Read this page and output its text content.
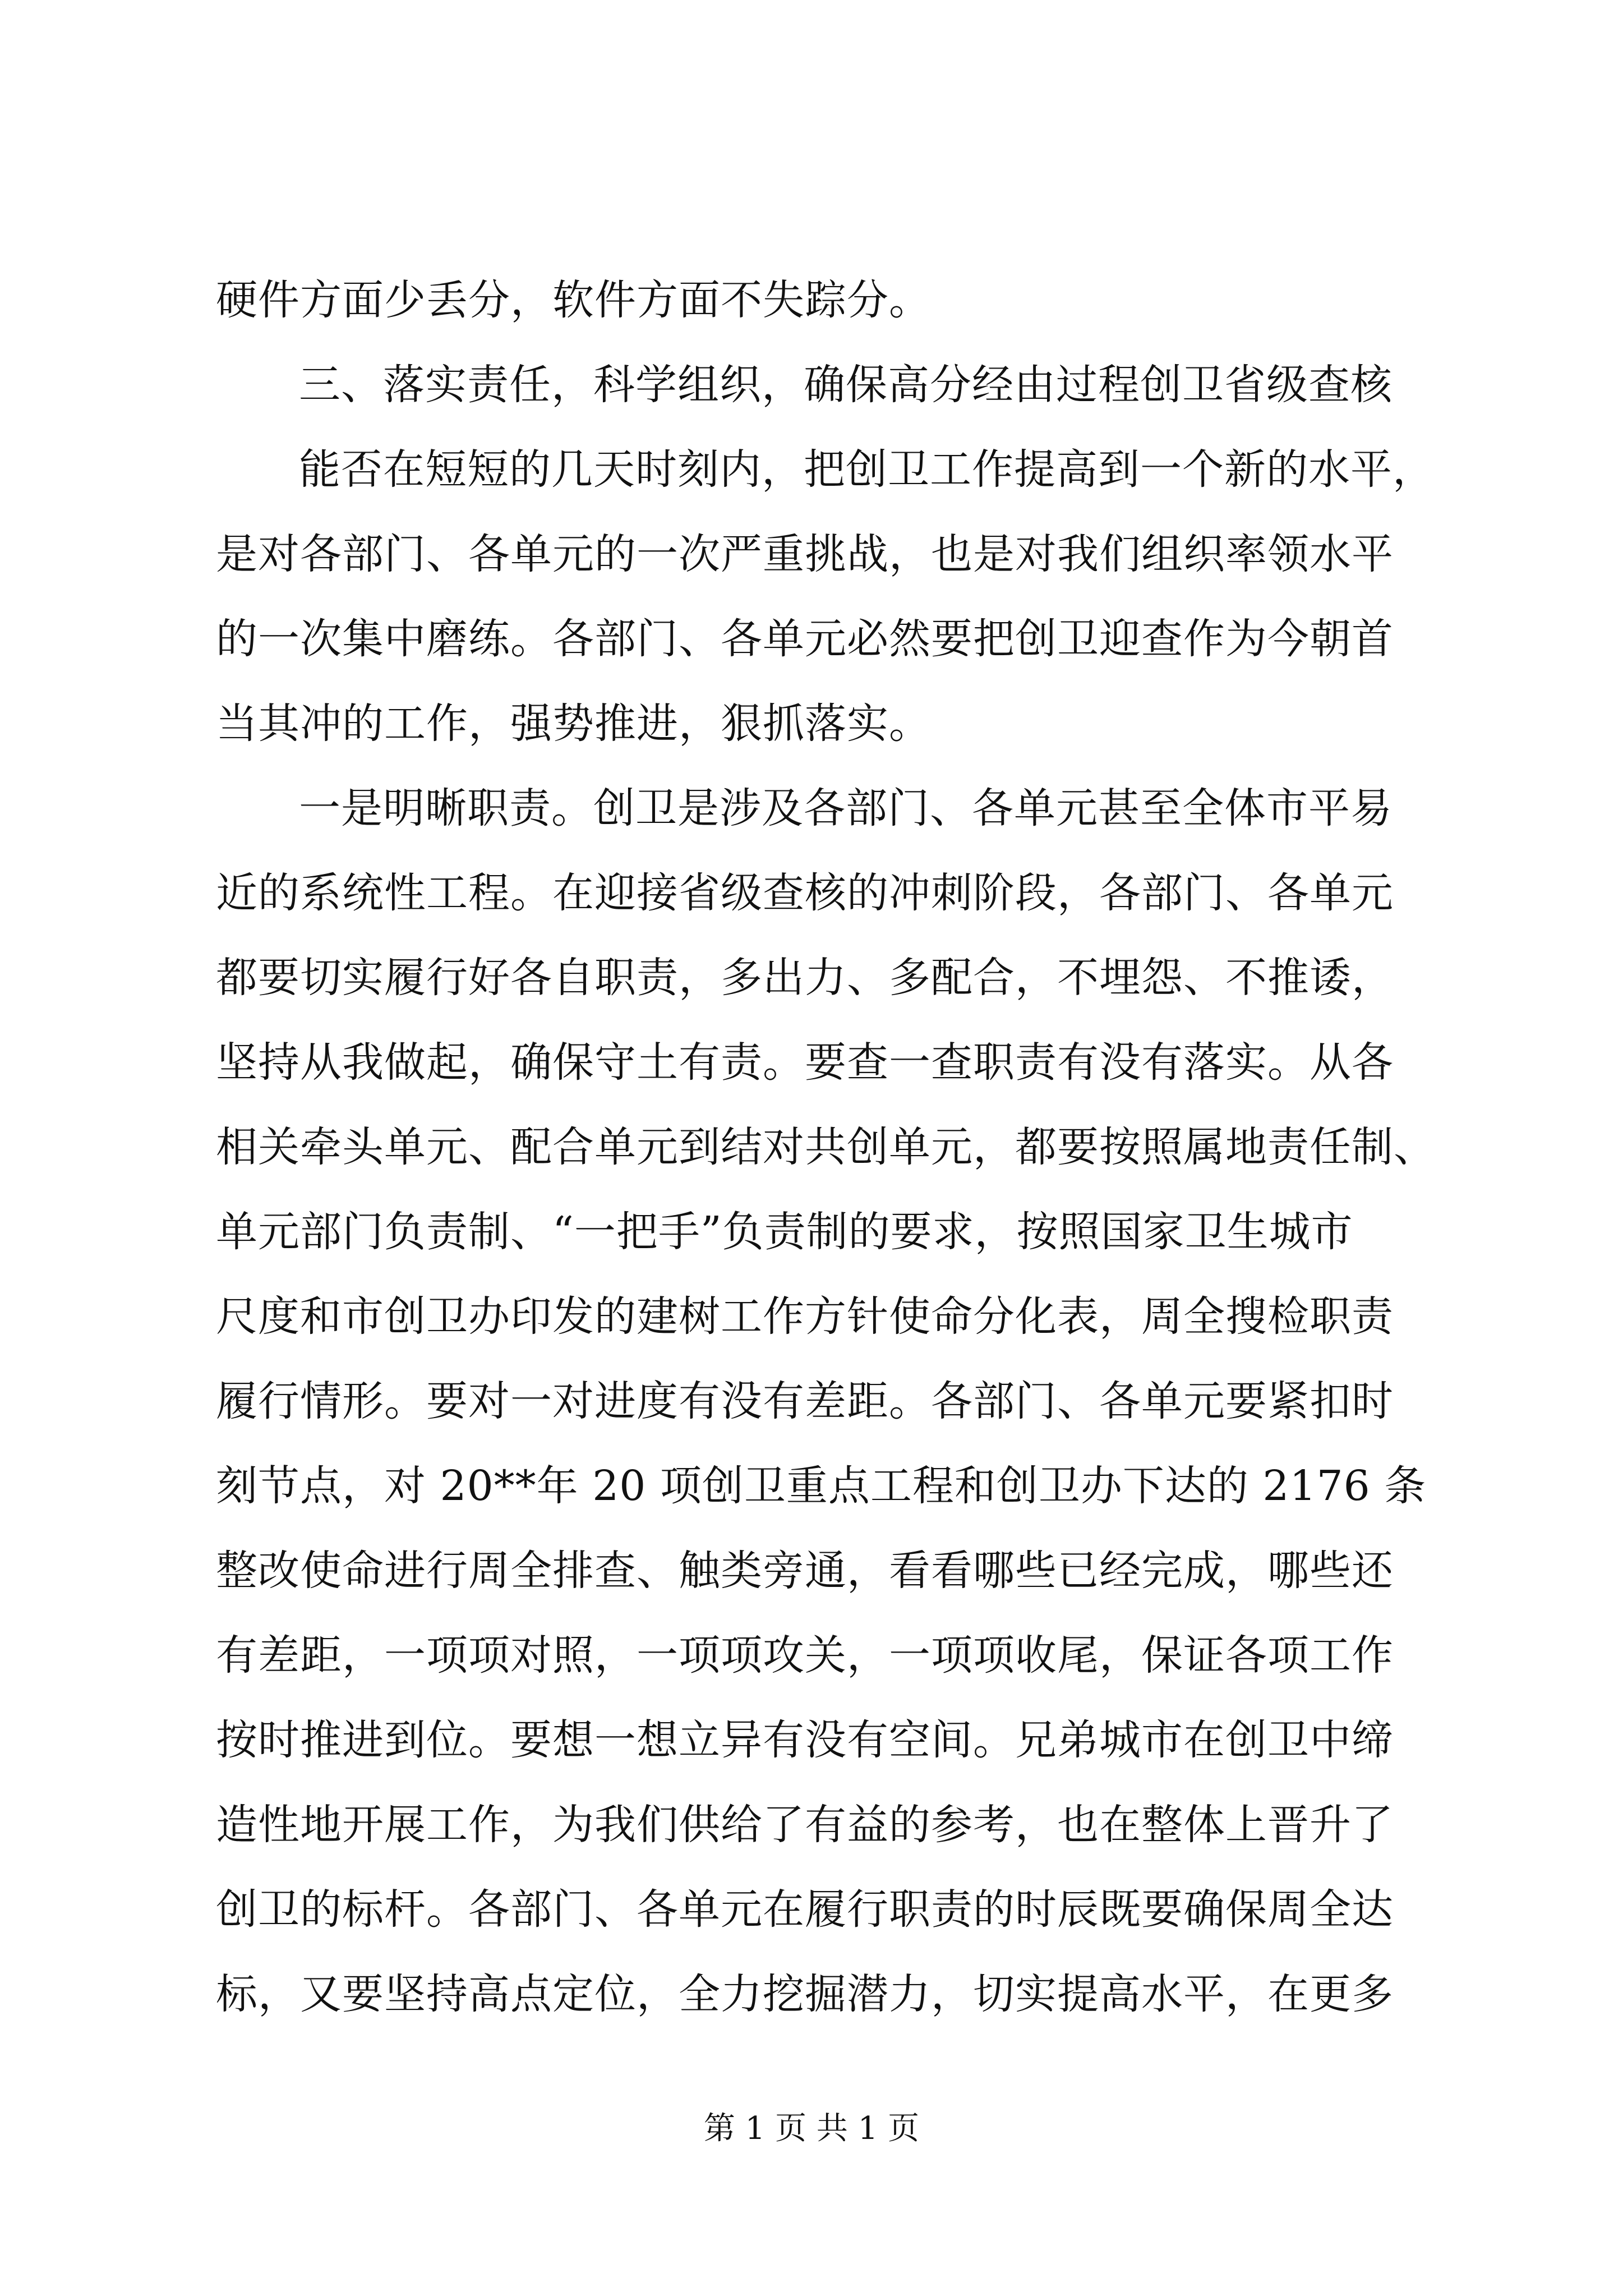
硬件方面少丢分，软件方面不失踪分。
三、落实责任，科学组织，确保高分经由过程创卫省级查核
能否在短短的几天时刻内，把创卫工作提高到一个新的水平，
是对各部门、各单元的一次严重挑战，也是对我们组织率领水平
的一次集中磨练。各部门、各单元必然要把创卫迎查作为今朝首
当其冲的工作，强势推进，狠抓落实。
一是明晰职责。创卫是涉及各部门、各单元甚至全体市平易
近的系统性工程。在迎接省级查核的冲刺阶段，各部门、各单元
都要切实履行好各自职责，多出力、多配合，不埋怨、不推诿，
坚持从我做起，确保守土有责。要查一查职责有没有落实。从各
相关牵头单元、配合单元到结对共创单元，都要按照属地责任制、
单元部门负责制、“一把手”负责制的要求，按照国家卫生城市
尺度和市创卫办印发的建树工作方针使命分化表，周全搜检职责
履行情形。要对一对进度有没有差距。各部门、各单元要紧扣时
刻节点，对 20**年 20 项创卫重点工程和创卫办下达的 2176 条
整改使命进行周全排查、触类旁通，看看哪些已经完成，哪些还
有差距，一项项对照，一项项攻关，一项项收尾，保证各项工作
按时推进到位。要想一想立异有没有空间。兄弟城市在创卫中缔
造性地开展工作，为我们供给了有益的参考，也在整体上晋升了
创卫的标杆。各部门、各单元在履行职责的时辰既要确保周全达
标，又要坚持高点定位，全力挖掘潜力，切实提高水平，在更多
第 1 页 共 1 页
